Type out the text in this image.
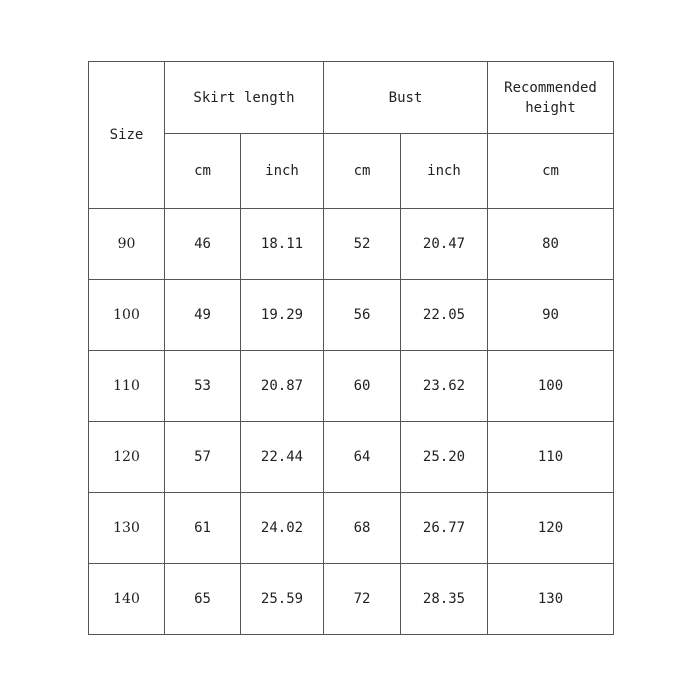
Size	Skirt length		Bust		Recommended
height
	cm	inch	cm	inch	cm
90	46	18.11	52	20.47	80
100	49	19.29	56	22.05	90
110	53	20.87	60	23.62	100
120	57	22.44	64	25.20	110
130	61	24.02	68	26.77	120
140	65	25.59	72	28.35	130
